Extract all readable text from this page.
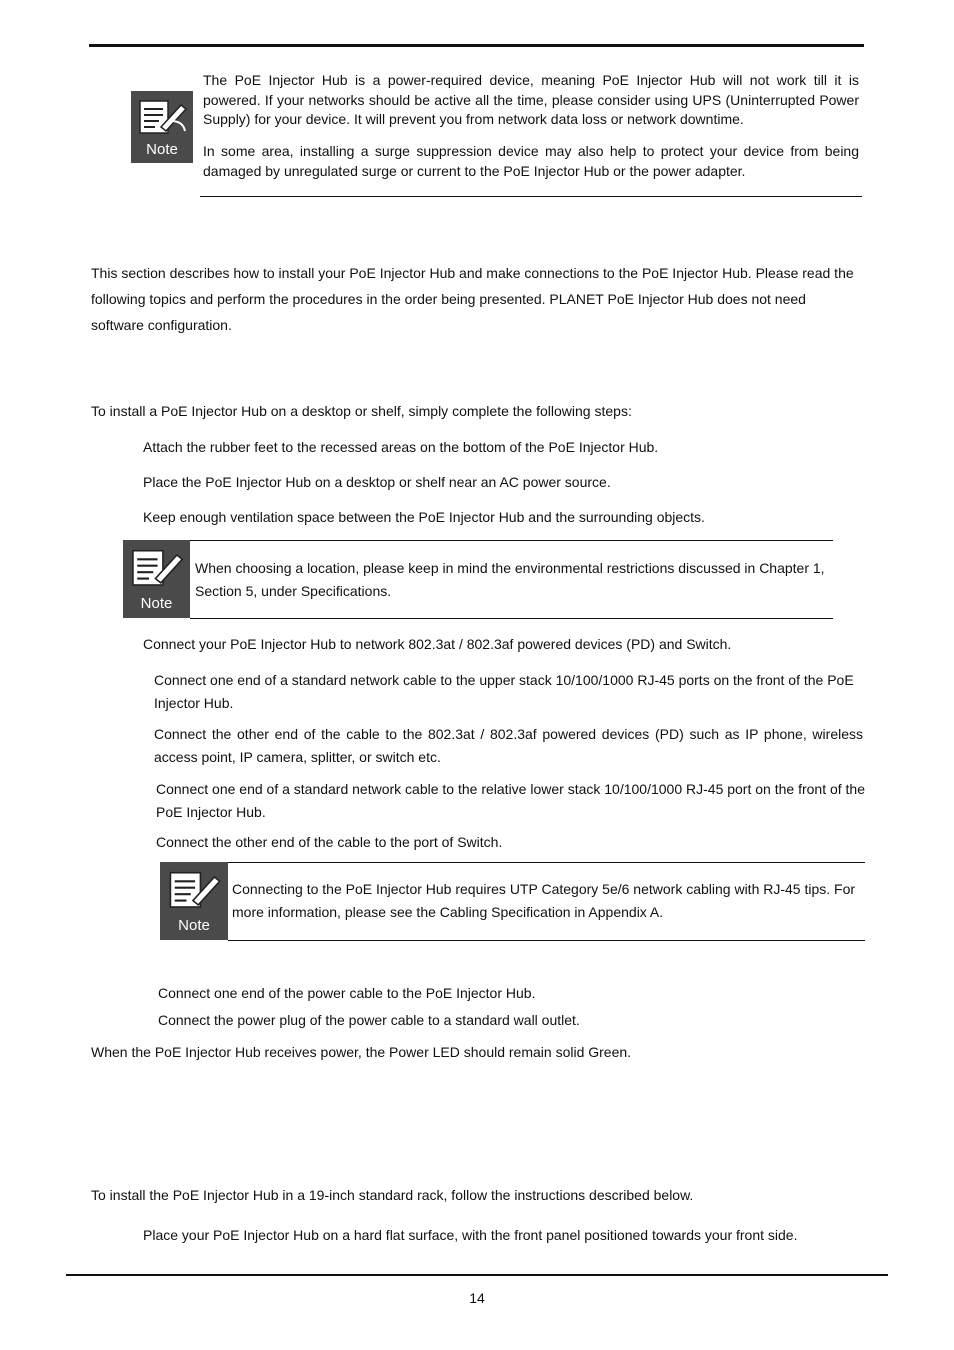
Note
The PoE Injector Hub is a power-required device, meaning PoE Injector Hub will not work till it is powered. If your networks should be active all the time, please consider using UPS (Uninterrupted Power Supply) for your device. It will prevent you from network data loss or network downtime.
In some area, installing a surge suppression device may also help to protect your device from being damaged by unregulated surge or current to the PoE Injector Hub or the power adapter.
This section describes how to install your PoE Injector Hub and make connections to the PoE Injector Hub. Please read the
following topics and perform the procedures in the order being presented. PLANET PoE Injector Hub does not need
software configuration.
To install a PoE Injector Hub on a desktop or shelf, simply complete the following steps:
Attach the rubber feet to the recessed areas on the bottom of the PoE Injector Hub.
Place the PoE Injector Hub on a desktop or shelf near an AC power source.
Keep enough ventilation space between the PoE Injector Hub and the surrounding objects.
Note
When choosing a location, please keep in mind the environmental restrictions discussed in Chapter 1, Section 5, under Specifications.
Connect your PoE Injector Hub to network 802.3at / 802.3af powered devices (PD) and Switch.
Connect one end of a standard network cable to the upper stack 10/100/1000 RJ-45 ports on the front of the PoE Injector Hub.
Connect the other end of the cable to the 802.3at / 802.3af powered devices (PD) such as IP phone, wireless access point, IP camera, splitter, or switch etc.
Connect one end of a standard network cable to the relative lower stack 10/100/1000 RJ-45 port on the front of the PoE Injector Hub.
Connect the other end of the cable to the port of Switch.
Note
Connecting to the PoE Injector Hub requires UTP Category 5e/6 network cabling with RJ-45 tips. For more information, please see the Cabling Specification in Appendix A.
Connect one end of the power cable to the PoE Injector Hub.
Connect the power plug of the power cable to a standard wall outlet.
When the PoE Injector Hub receives power, the Power LED should remain solid Green.
To install the PoE Injector Hub in a 19-inch standard rack, follow the instructions described below.
Place your PoE Injector Hub on a hard flat surface, with the front panel positioned towards your front side.
14
